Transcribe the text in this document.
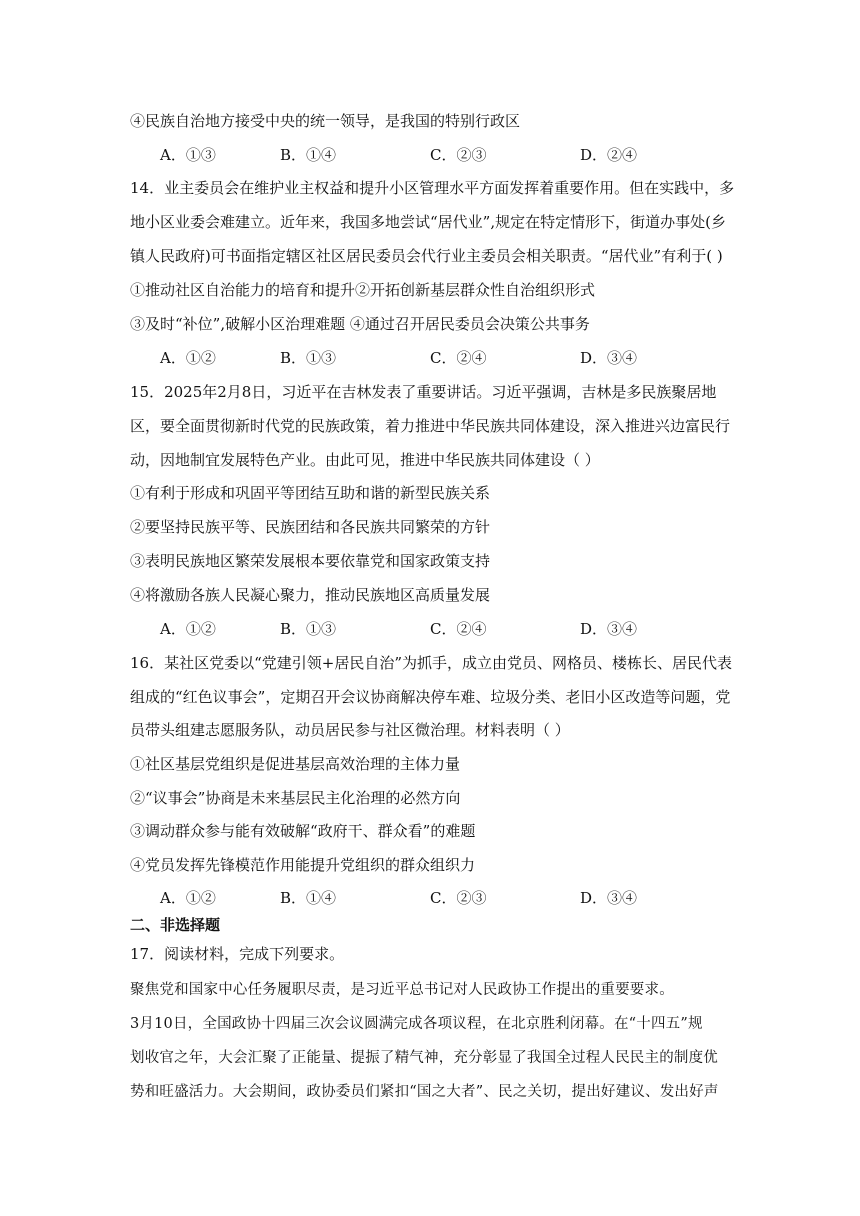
④民族自治地方接受中央的统一领导，是我国的特别行政区
A．①③	B．①④	C．②③	D．②④
14．业主委员会在维护业主权益和提升小区管理水平方面发挥着重要作用。但在实践中，多
地小区业委会难建立。近年来，我国多地尝试“居代业”,规定在特定情形下，街道办事处(乡
镇人民政府)可书面指定辖区社区居民委员会代行业主委员会相关职责。“居代业”有利于( )
①推动社区自治能力的培育和提升②开拓创新基层群众性自治组织形式
③及时“补位”,破解小区治理难题 ④通过召开居民委员会决策公共事务
A．①②	B．①③	C．②④	D．③④
15．2025年2月8日，习近平在吉林发表了重要讲话。习近平强调，吉林是多民族聚居地
区，要全面贯彻新时代党的民族政策，着力推进中华民族共同体建设，深入推进兴边富民行
动，因地制宜发展特色产业。由此可见，推进中华民族共同体建设（ ）
①有利于形成和巩固平等团结互助和谐的新型民族关系
②要坚持民族平等、民族团结和各民族共同繁荣的方针
③表明民族地区繁荣发展根本要依靠党和国家政策支持
④将激励各族人民凝心聚力，推动民族地区高质量发展
A．①②	B．①③	C．②④	D．③④
16．某社区党委以“党建引领+居民自治”为抓手，成立由党员、网格员、楼栋长、居民代表
组成的“红色议事会”，定期召开会议协商解决停车难、垃圾分类、老旧小区改造等问题，党
员带头组建志愿服务队，动员居民参与社区微治理。材料表明（ ）
①社区基层党组织是促进基层高效治理的主体力量
②“议事会”协商是未来基层民主化治理的必然方向
③调动群众参与能有效破解“政府干、群众看”的难题
④党员发挥先锋模范作用能提升党组织的群众组织力
A．①②	B．①④	C．②③	D．③④
二、非选择题
17．阅读材料，完成下列要求。
聚焦党和国家中心任务履职尽责，是习近平总书记对人民政协工作提出的重要要求。
3月10日，全国政协十四届三次会议圆满完成各项议程，在北京胜利闭幕。在“十四五”规
划收官之年，大会汇聚了正能量、提振了精气神，充分彰显了我国全过程人民民主的制度优
势和旺盛活力。大会期间，政协委员们紧扣“国之大者”、民之关切，提出好建议、发出好声
